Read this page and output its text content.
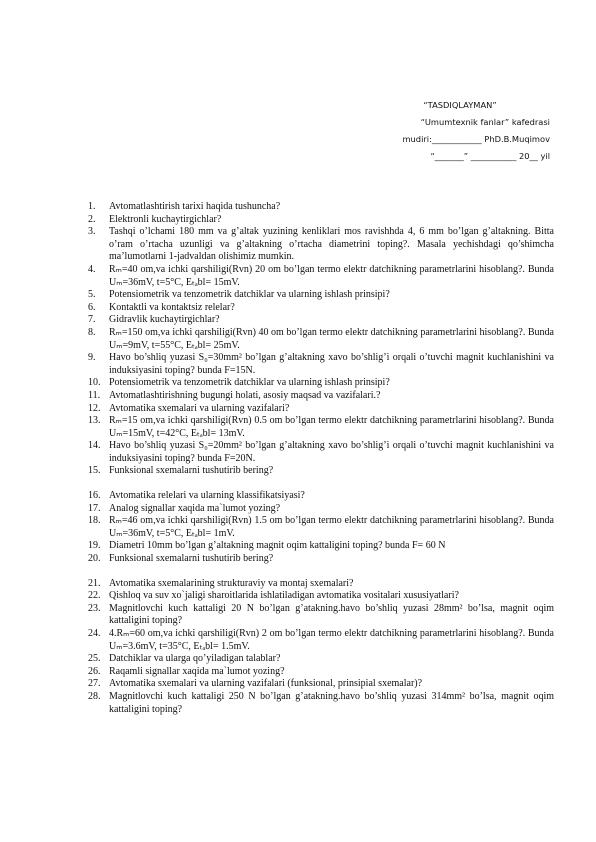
“TASDIQLAYMAN”
“Umumtexnik fanlar” kafedrasi
mudiri:____________ PhD.B.Muqimov
“_______” ___________ 20__ yil
1.	Avtomatlashtirish tarixi haqida tushuncha?
2.	Elektronli kuchaytirgichlar?
3.	Tashqi o’lchami 180 mm va g’altak yuzining kenliklari mos ravishhda 4, 6 mm bo’lgan g’altakning. Bitta o’ram o’rtacha uzunligi va g’altakning o’rtacha diametrini toping?. Masala yechishdagi qo’shimcha ma’lumotlarni 1-jadvaldan olishimiz mumkin.
4.	Rₘ=40 om,va ichki qarshiligi(Rvn) 20 om bo’lgan termo elektr datchikning parametrlarini hisoblang?. Bunda Uₘ=36mV, t=5°C, Eₜₐbl= 15mV.
5.	Potensiometrik va tenzometrik datchiklar va ularning ishlash prinsipi?
6.	Kontaktli va kontaktsiz relelar?
7.	Gidravlik kuchaytirgichlar?
8.	Rₘ=150 om,va ichki qarshiligi(Rvn) 40 om bo’lgan termo elektr datchikning parametrlarini hisoblang?. Bunda Uₘ=9mV, t=55°C, Eₜₐbl= 25mV.
9.	Havo bo’shliq yuzasi S₀=30mm² bo’lgan g’altakning xavo bo’shlig’i orqali o’tuvchi magnit kuchlanishini va induksiyasini toping? bunda F=15N.
10. Potensiometrik va tenzometrik datchiklar va ularning ishlash prinsipi?
11. Avtomatlashtirishning bugungi holati, asosiy maqsad va vazifalari.?
12. Avtomatika sxemalari va ularning vazifalari?
13. Rₘ=15 om,va ichki qarshiligi(Rvn) 0.5 om bo’lgan termo elektr datchikning parametrlarini hisoblang?. Bunda Uₘ=15mV, t=42°C, Eₜₐbl= 13mV.
14. Havo bo’shliq yuzasi S₀=20mm² bo’lgan g’altakning xavo bo’shlig’i orqali o’tuvchi magnit kuchlanishini va induksiyasini toping? bunda F=20N.
15. Funksional sxemalarni tushutirib bering?
16. Avtomatika relelari va ularning klassifikatsiyasi?
17. Analog signallar xaqida ma`lumot yozing?
18. Rₘ=46 om,va ichki qarshiligi(Rvn) 1.5 om bo’lgan termo elektr datchikning parametrlarini hisoblang?. Bunda Uₘ=36mV, t=5°C, Eₜₐbl= 1mV.
19. Diametri 10mm bo’lgan g’altakning magnit oqim kattaligini toping? bunda F= 60 N
20. Funksional sxemalarni tushutirib bering?
21. Avtomatika sxemalarining strukturaviy va montaj sxemalari?
22. Qishloq va suv xo`jaligi sharoitlarida ishlatiladigan avtomatika vositalari xususiyatlari?
23. Magnitlovchi kuch kattaligi 20 N bo’lgan g’atakning.havo bo’shliq yuzasi 28mm² bo’lsa, magnit oqim kattaligini toping?
24. 4.Rₘ=60 om,va ichki qarshiligi(Rvn) 2 om bo’lgan termo elektr datchikning parametrlarini hisoblang?. Bunda Uₘ=3.6mV, t=35°C, Eₜₐbl= 1.5mV.
25. Datchiklar va ularga qo’yiladigan talablar?
26. Raqamli signallar xaqida ma`lumot yozing?
27. Avtomatika sxemalari va ularning vazifalari (funksional, prinsipial sxemalar)?
28. Magnitlovchi kuch kattaligi 250 N bo’lgan g’atakning.havo bo’shliq yuzasi 314mm² bo’lsa, magnit oqim kattaligini toping?
